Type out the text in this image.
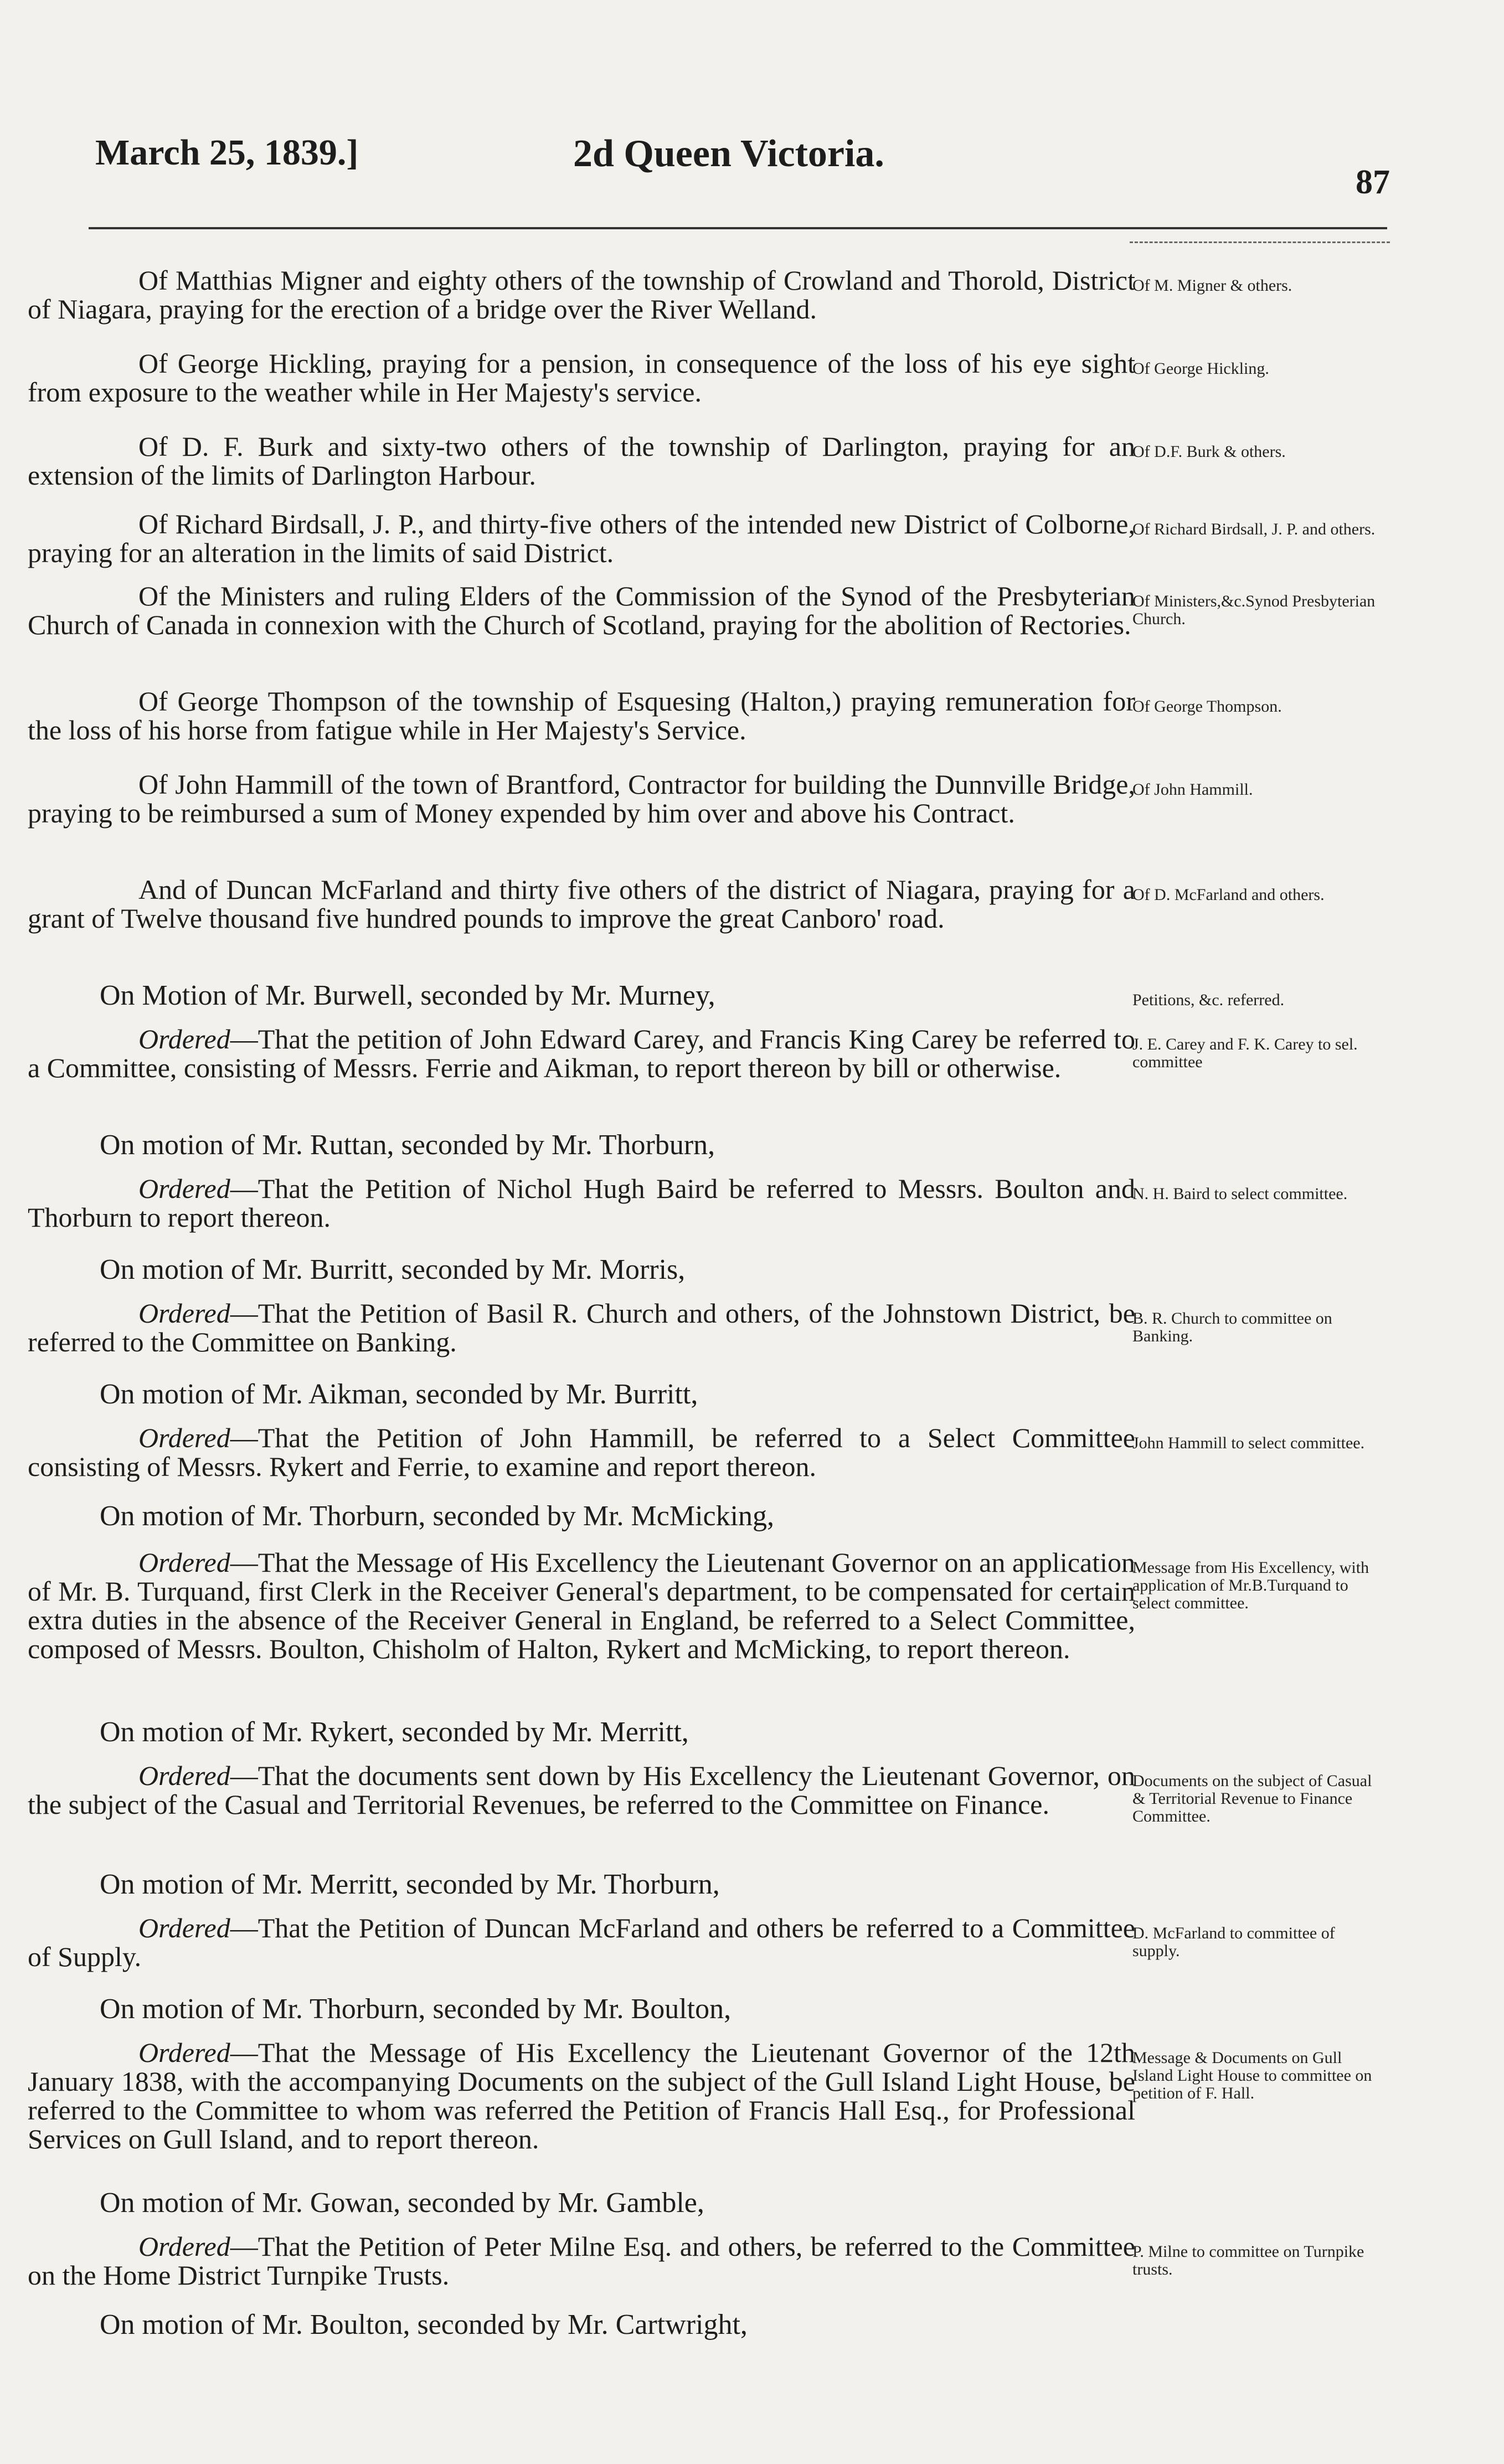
March 25, 1839.]	2d Queen Victoria.
87
Of Matthias Migner and eighty others of the township of Crowland and Thorold, District of Niagara, praying for the erection of a bridge over the River Welland.
Of M. Migner & others.
Of George Hickling, praying for a pension, in consequence of the loss of his eye sight from exposure to the weather while in Her Majesty's service.
Of George Hickling.
Of D. F. Burk and sixty-two others of the township of Darlington, praying for an extension of the limits of Darlington Harbour.
Of D.F. Burk & others.
Of Richard Birdsall, J. P., and thirty-five others of the intended new District of Colborne, praying for an alteration in the limits of said District.
Of Richard Birdsall, J. P. and others.
Of the Ministers and ruling Elders of the Commission of the Synod of the Presbyterian Church of Canada in connexion with the Church of Scotland, praying for the abolition of Rectories.
Of Ministers,&c.Synod Presbyterian Church.
Of George Thompson of the township of Esquesing (Halton,) praying remuneration for the loss of his horse from fatigue while in Her Majesty's Service.
Of George Thompson.
Of John Hammill of the town of Brantford, Contractor for building the Dunnville Bridge, praying to be reimbursed a sum of Money expended by him over and above his Contract.
Of John Hammill.
And of Duncan McFarland and thirty five others of the district of Niagara, praying for a grant of Twelve thousand five hundred pounds to improve the great Canboro' road.
Of D. McFarland and others.
On Motion of Mr. Burwell, seconded by Mr. Murney,	Petitions, &c. referred.
Ordered—That the petition of John Edward Carey, and Francis King Carey be referred to a Committee, consisting of Messrs. Ferrie and Aikman, to report thereon by bill or otherwise.
J. E. Carey and F. K. Carey to sel. committee
On motion of Mr. Ruttan, seconded by Mr. Thorburn,
Ordered—That the Petition of Nichol Hugh Baird be referred to Messrs. Boulton and Thorburn to report thereon.
N. H. Baird to select committee.
On motion of Mr. Burritt, seconded by Mr. Morris,
Ordered—That the Petition of Basil R. Church and others, of the Johnstown District, be referred to the Committee on Banking.
B. R. Church to committee on Banking.
On motion of Mr. Aikman, seconded by Mr. Burritt,
Ordered—That the Petition of John Hammill, be referred to a Select Committee consisting of Messrs. Rykert and Ferrie, to examine and report thereon.
John Hammill to select committee.
On motion of Mr. Thorburn, seconded by Mr. McMicking,
Ordered—That the Message of His Excellency the Lieutenant Governor on an application of Mr. B. Turquand, first Clerk in the Receiver General's department, to be compensated for certain extra duties in the absence of the Receiver General in England, be referred to a Select Committee, composed of Messrs. Boulton, Chisholm of Halton, Rykert and McMicking, to report thereon.
Message from His Excellency, with application of Mr.B.Turquand to select committee.
On motion of Mr. Rykert, seconded by Mr. Merritt,
Ordered—That the documents sent down by His Excellency the Lieutenant Governor, on the subject of the Casual and Territorial Revenues, be referred to the Committee on Finance.
Documents on the subject of Casual & Territorial Revenue to Finance Committee.
On motion of Mr. Merritt, seconded by Mr. Thorburn,
Ordered—That the Petition of Duncan McFarland and others be referred to a Committee of Supply.
D. McFarland to committee of supply.
On motion of Mr. Thorburn, seconded by Mr. Boulton,
Ordered—That the Message of His Excellency the Lieutenant Governor of the 12th January 1838, with the accompanying Documents on the subject of the Gull Island Light House, be referred to the Committee to whom was referred the Petition of Francis Hall Esq., for Professional Services on Gull Island, and to report thereon.
Message & Documents on Gull Island Light House to committee on petition of F. Hall.
On motion of Mr. Gowan, seconded by Mr. Gamble,
Ordered—That the Petition of Peter Milne Esq. and others, be referred to the Committee on the Home District Turnpike Trusts.
P. Milne to committee on Turnpike trusts.
On motion of Mr. Boulton, seconded by Mr. Cartwright,
